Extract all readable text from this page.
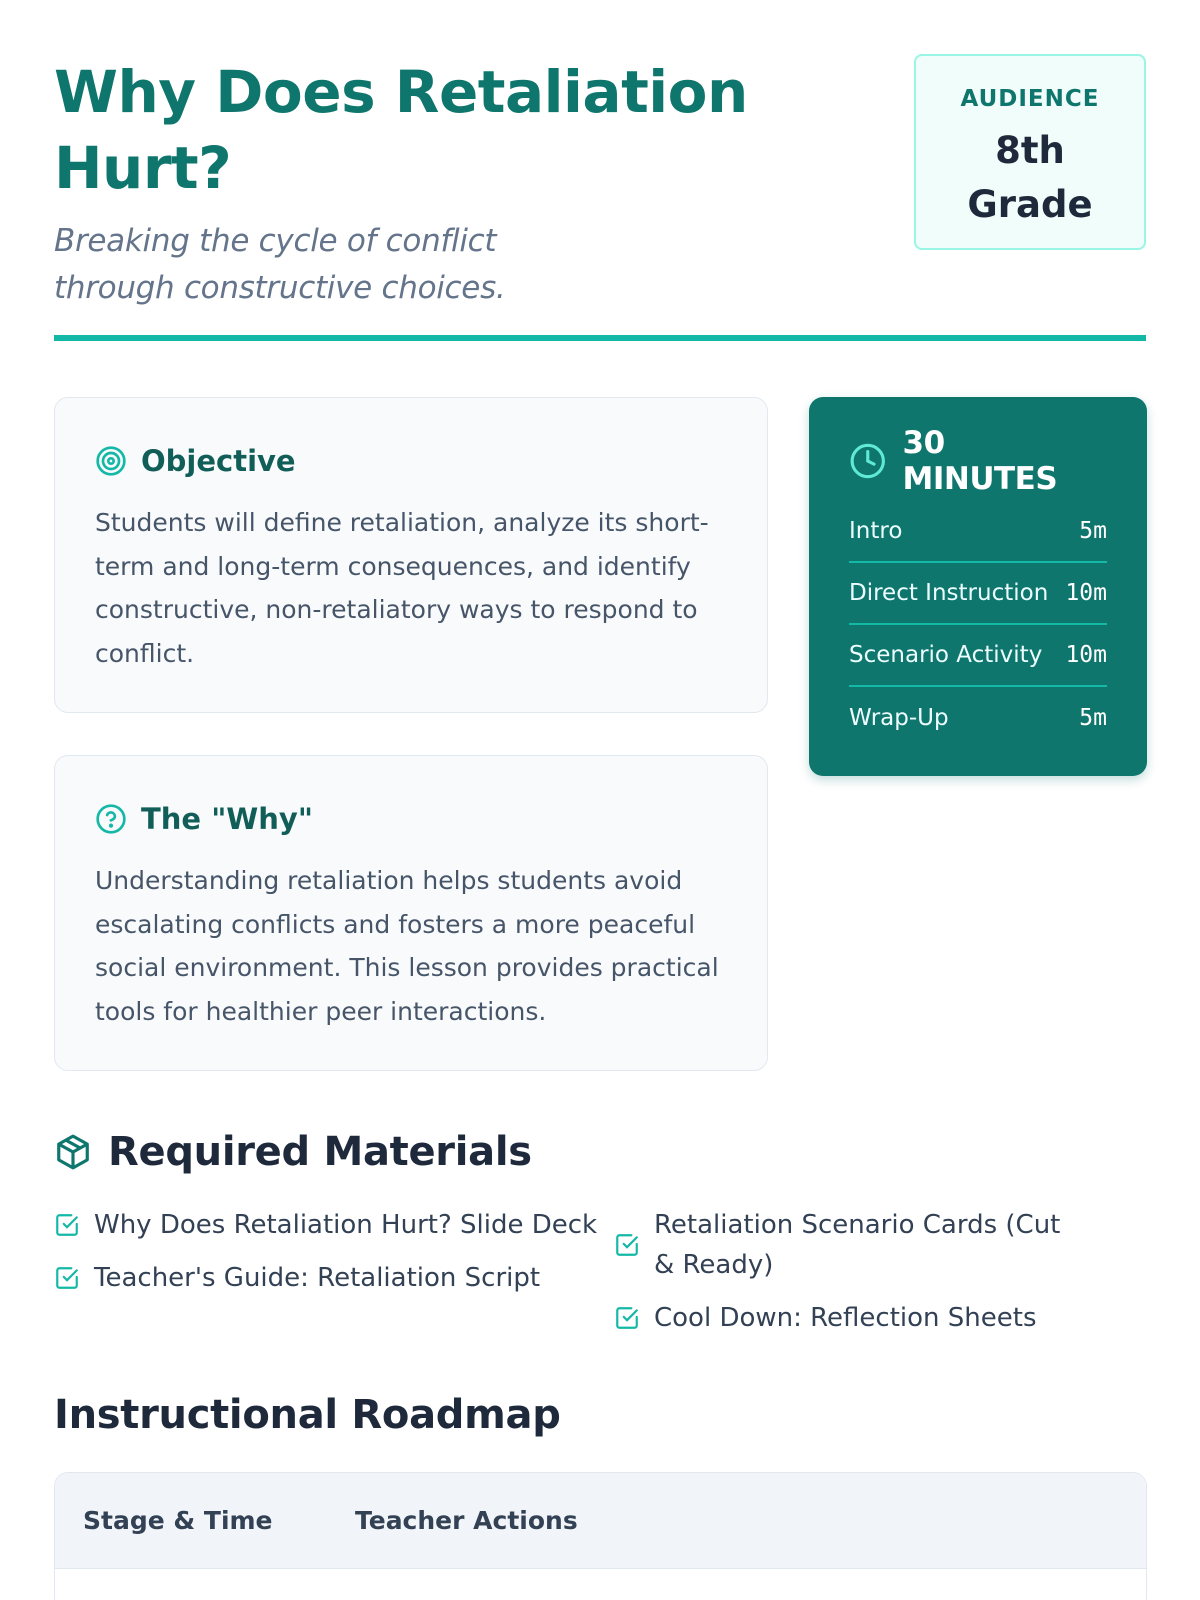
Why Does Retaliation Hurt?

Breaking the cycle of conflict through constructive choices.

AUDIENCE
8th Grade
Objective

Students will define retaliation, analyze its short-term and long-term consequences, and identify constructive, non-retaliatory ways to respond to conflict.

The "Why"

Understanding retaliation helps students avoid escalating conflicts and fosters a more peaceful social environment. This lesson provides practical tools for healthier peer interactions.

30 MINUTES
Intro	5m
Direct Instruction 10m
Scenario Activity 10m
Wrap-Up	5m
Required Materials
Why Does Retaliation Hurt? Slide Deck
Teacher's Guide: Retaliation Script
Retaliation Scenario Cards (Cut & Ready)
Cool Down: Reflection Sheets
Instructional Roadmap
Stage & Time	Teacher Actions
